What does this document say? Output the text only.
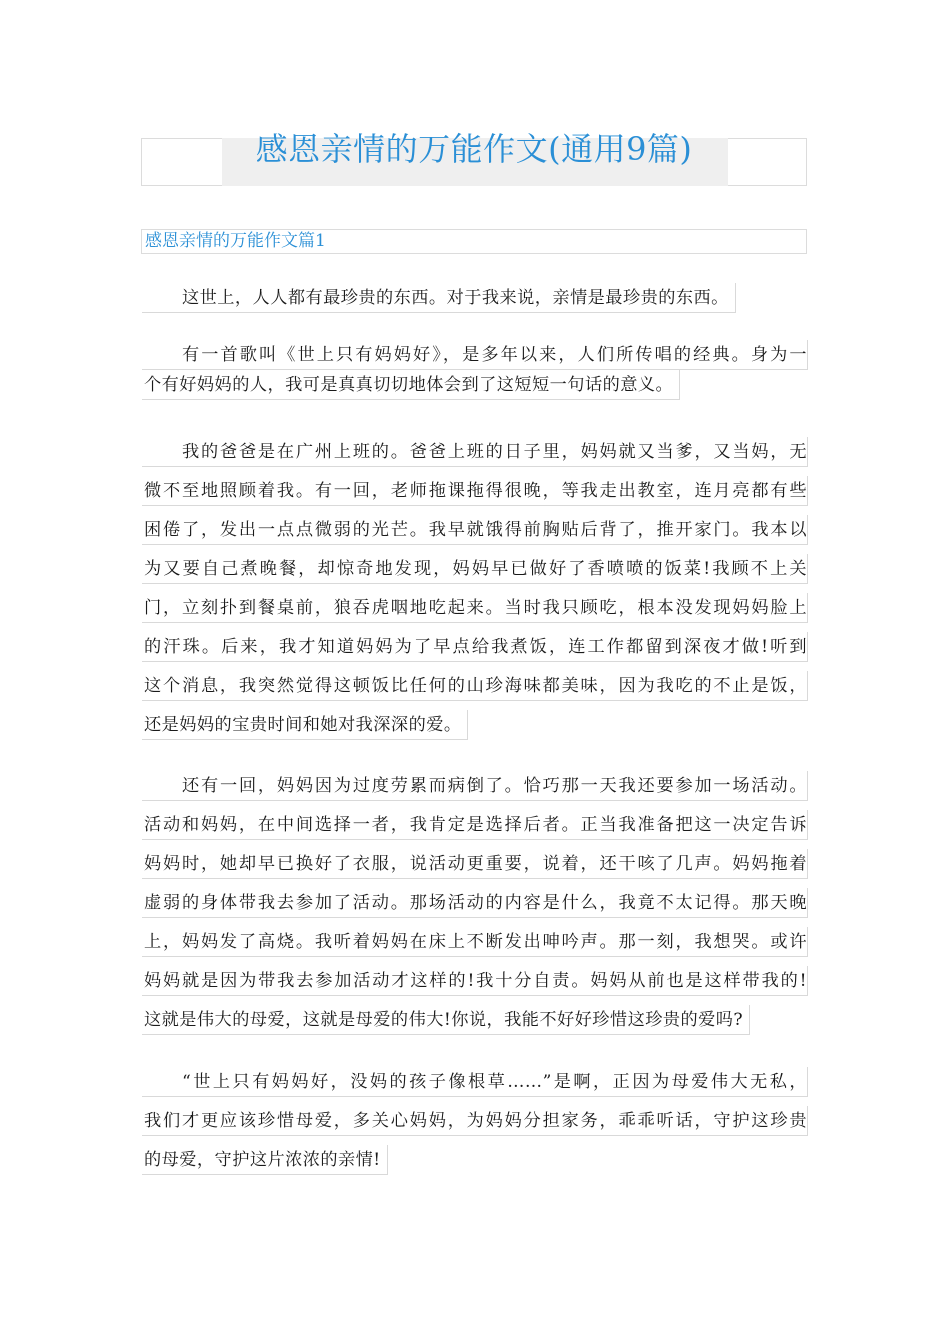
感恩亲情的万能作文(通用9篇)
感恩亲情的万能作文篇1
这世上，人人都有最珍贵的东西。对于我来说，亲情是最珍贵的东西。
有一首歌叫《世上只有妈妈好》，是多年以来，人们所传唱的经典。身为一
个有好妈妈的人，我可是真真切切地体会到了这短短一句话的意义。
我的爸爸是在广州上班的。爸爸上班的日子里，妈妈就又当爹，又当妈，无
微不至地照顾着我。有一回，老师拖课拖得很晚，等我走出教室，连月亮都有些
困倦了，发出一点点微弱的光芒。我早就饿得前胸贴后背了，推开家门。我本以
为又要自己煮晚餐，却惊奇地发现，妈妈早已做好了香喷喷的饭菜!我顾不上关
门，立刻扑到餐桌前，狼吞虎咽地吃起来。当时我只顾吃，根本没发现妈妈脸上
的汗珠。后来，我才知道妈妈为了早点给我煮饭，连工作都留到深夜才做!听到
这个消息，我突然觉得这顿饭比任何的山珍海味都美味，因为我吃的不止是饭，
还是妈妈的宝贵时间和她对我深深的爱。
还有一回，妈妈因为过度劳累而病倒了。恰巧那一天我还要参加一场活动。
活动和妈妈，在中间选择一者，我肯定是选择后者。正当我准备把这一决定告诉
妈妈时，她却早已换好了衣服，说活动更重要，说着，还干咳了几声。妈妈拖着
虚弱的身体带我去参加了活动。那场活动的内容是什么，我竟不太记得。那天晚
上，妈妈发了高烧。我听着妈妈在床上不断发出呻吟声。那一刻，我想哭。或许
妈妈就是因为带我去参加活动才这样的!我十分自责。妈妈从前也是这样带我的!
这就是伟大的母爱，这就是母爱的伟大!你说，我能不好好珍惜这珍贵的爱吗?
“世上只有妈妈好，没妈的孩子像根草……”是啊，正因为母爱伟大无私，
我们才更应该珍惜母爱，多关心妈妈，为妈妈分担家务，乖乖听话，守护这珍贵
的母爱，守护这片浓浓的亲情!
